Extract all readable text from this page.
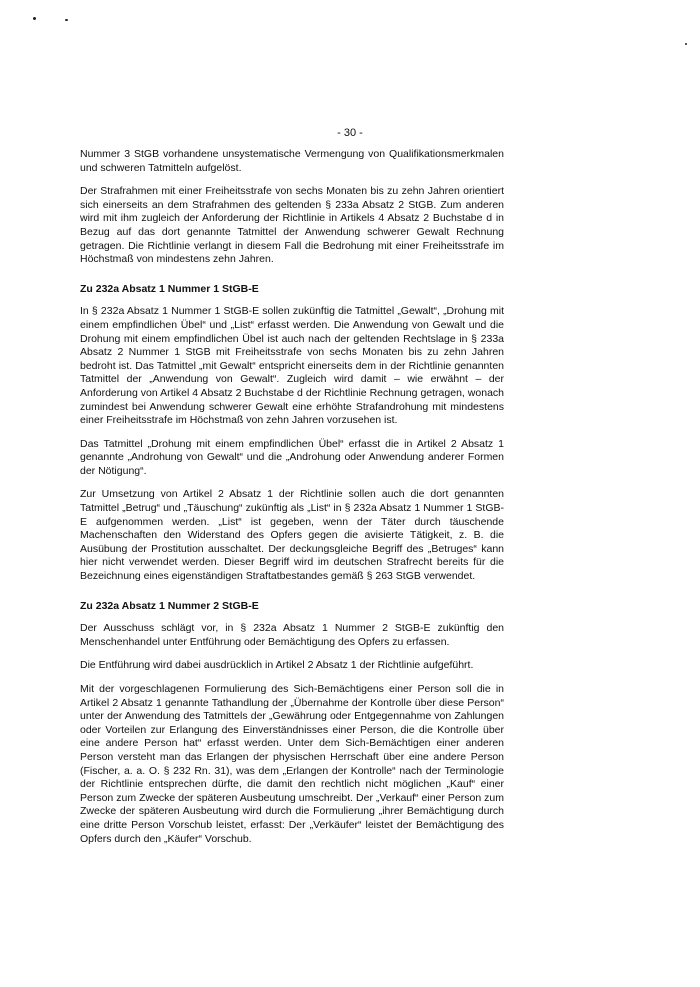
- 30 -

Nummer 3 StGB vorhandene unsystematische Vermengung von Qualifikationsmerkmalen und schweren Tatmitteln aufgelöst.

Der Strafrahmen mit einer Freiheitsstrafe von sechs Monaten bis zu zehn Jahren orientiert sich einerseits an dem Strafrahmen des geltenden § 233a Absatz 2 StGB. Zum anderen wird mit ihm zugleich der Anforderung der Richtlinie in Artikels 4 Absatz 2 Buchstabe d in Bezug auf das dort genannte Tatmittel der Anwendung schwerer Gewalt Rechnung getragen. Die Richtlinie verlangt in diesem Fall die Bedrohung mit einer Freiheitsstrafe im Höchstmaß von mindestens zehn Jahren.

Zu 232a Absatz 1 Nummer 1 StGB-E

In § 232a Absatz 1 Nummer 1 StGB-E sollen zukünftig die Tatmittel „Gewalt“, „Drohung mit einem empfindlichen Übel“ und „List“ erfasst werden. Die Anwendung von Gewalt und die Drohung mit einem empfindlichen Übel ist auch nach der geltenden Rechtslage in § 233a Absatz 2 Nummer 1 StGB mit Freiheitsstrafe von sechs Monaten bis zu zehn Jahren bedroht ist. Das Tatmittel „mit Gewalt“ entspricht einerseits dem in der Richtlinie genannten Tatmittel der „Anwendung von Gewalt“. Zugleich wird damit – wie erwähnt – der Anforderung von Artikel 4 Absatz 2 Buchstabe d der Richtlinie Rechnung getragen, wonach zumindest bei Anwendung schwerer Gewalt eine erhöhte Strafandrohung mit mindestens einer Freiheitsstrafe im Höchstmaß von zehn Jahren vorzusehen ist.

Das Tatmittel „Drohung mit einem empfindlichen Übel“ erfasst die in Artikel 2 Absatz 1 genannte „Androhung von Gewalt“ und die „Androhung oder Anwendung anderer Formen der Nötigung“.

Zur Umsetzung von Artikel 2 Absatz 1 der Richtlinie sollen auch die dort genannten Tatmittel „Betrug“ und „Täuschung“ zukünftig als „List“ in § 232a Absatz 1 Nummer 1 StGB-E aufgenommen werden. „List“ ist gegeben, wenn der Täter durch täuschende Machenschaften den Widerstand des Opfers gegen die avisierte Tätigkeit, z. B. die Ausübung der Prostitution ausschaltet. Der deckungsgleiche Begriff des „Betruges“ kann hier nicht verwendet werden. Dieser Begriff wird im deutschen Strafrecht bereits für die Bezeichnung eines eigenständigen Straftatbestandes gemäß § 263 StGB verwendet.

Zu 232a Absatz 1 Nummer 2 StGB-E

Der Ausschuss schlägt vor, in § 232a Absatz 1 Nummer 2 StGB-E zukünftig den Menschenhandel unter Entführung oder Bemächtigung des Opfers zu erfassen.

Die Entführung wird dabei ausdrücklich in Artikel 2 Absatz 1 der Richtlinie aufgeführt.

Mit der vorgeschlagenen Formulierung des Sich-Bemächtigens einer Person soll die in Artikel 2 Absatz 1 genannte Tathandlung der „Übernahme der Kontrolle über diese Person“ unter der Anwendung des Tatmittels der „Gewährung oder Entgegennahme von Zahlungen oder Vorteilen zur Erlangung des Einverständnisses einer Person, die die Kontrolle über eine andere Person hat“ erfasst werden. Unter dem Sich-Bemächtigen einer anderen Person versteht man das Erlangen der physischen Herrschaft über eine andere Person (Fischer, a. a. O. § 232 Rn. 31), was dem „Erlangen der Kontrolle“ nach der Terminologie der Richtlinie entsprechen dürfte, die damit den rechtlich nicht möglichen „Kauf“ einer Person zum Zwecke der späteren Ausbeutung umschreibt. Der „Verkauf“ einer Person zum Zwecke der späteren Ausbeutung wird durch die Formulierung „ihrer Bemächtigung durch eine dritte Person Vorschub leistet, erfasst: Der „Verkäufer“ leistet der Bemächtigung des Opfers durch den „Käufer“ Vorschub.
